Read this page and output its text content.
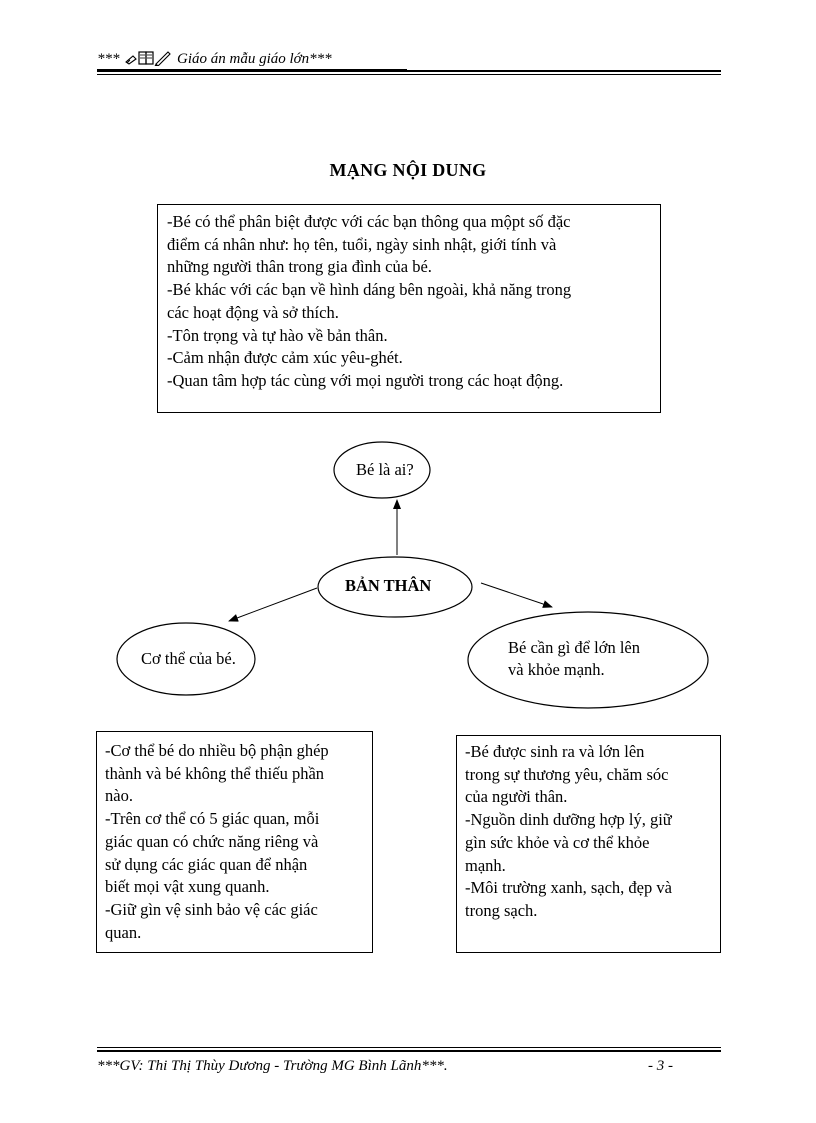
***	Giáo án mẫu giáo lớn***
MẠNG NỘI DUNG

-Bé có thể phân biệt được với các bạn thông qua mộpt số đặc

điểm cá nhân như: họ tên, tuổi, ngày sinh nhật, giới tính và

những người thân trong gia đình của bé.

-Bé khác với các bạn về hình dáng bên ngoài, khả năng trong

các hoạt động và sở thích.

-Tôn trọng và tự hào về bản thân.

-Cảm nhận được cảm xúc yêu-ghét.

-Quan tâm hợp tác cùng với mọi người trong các hoạt động.

Bé là ai?
BẢN THÂN
Cơ thể của bé.
Bé cần gì để lớn lên
và khỏe mạnh.

-Cơ thể bé do nhiều bộ phận ghép

thành và bé không thể thiếu phần

nào.

-Trên cơ thể có 5 giác quan, mỗi

giác quan có chức năng riêng và

sử dụng các giác quan để nhận

biết mọi vật xung quanh.

-Giữ gìn vệ sinh bảo vệ các giác

quan.

-Bé được sinh ra và lớn lên

trong sự thương yêu, chăm sóc

của người thân.

-Nguồn dinh dưỡng hợp lý, giữ

gìn sức khỏe và cơ thể khỏe

mạnh.

-Môi trường xanh, sạch, đẹp và

trong sạch.

***GV: Thi Thị Thùy Dương - Trường MG Bình Lãnh***.	- 3 -
